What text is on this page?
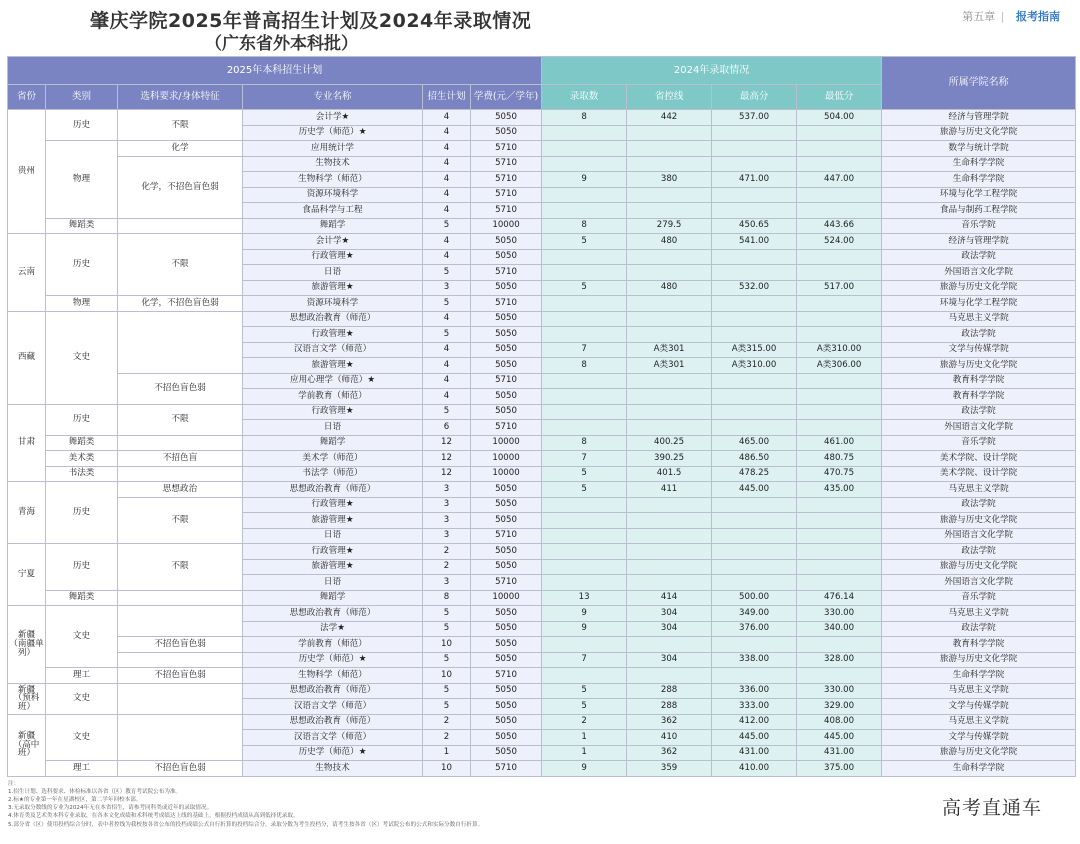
肇庆学院2025年普高招生计划及2024年录取情况
（广东省外本科批）
第五章 | 报考指南
2025年本科招生计划						2024年录取情况				所属学院名称
省份	类别	选科要求/身体特征	专业名称	招生计划	学费(元／学年)	录取数	省控线	最高分	最低分	
贵州	历史	不限	会计学★	4	5050	8	442	537.00	504.00	经济与管理学院
			历史学（师范）★	4	5050					旅游与历史文化学院
	物理	化学	应用统计学	4	5710					数学与统计学院
		化学，不招色盲色弱	生物技术	4	5710					生命科学学院
			生物科学（师范）	4	5710	9	380	471.00	447.00	生命科学学院
			资源环境科学	4	5710					环境与化学工程学院
			食品科学与工程	4	5710					食品与制药工程学院
	舞蹈类		舞蹈学	5	10000	8	279.5	450.65	443.66	音乐学院
云南	历史	不限	会计学★	4	5050	5	480	541.00	524.00	经济与管理学院
			行政管理★	4	5050					政法学院
			日语	5	5710					外国语言文化学院
			旅游管理★	3	5050	5	480	532.00	517.00	旅游与历史文化学院
	物理	化学，不招色盲色弱	资源环境科学	5	5710					环境与化学工程学院
西藏	文史		思想政治教育（师范）	4	5050					马克思主义学院
			行政管理★	5	5050					政法学院
			汉语言文学（师范）	4	5050	7	A类301	A类315.00	A类310.00	文学与传媒学院
			旅游管理★	4	5050	8	A类301	A类310.00	A类306.00	旅游与历史文化学院
		不招色盲色弱	应用心理学（师范）★	4	5710					教育科学学院
			学前教育（师范）	4	5050					教育科学学院
甘肃	历史	不限	行政管理★	5	5050					政法学院
			日语	6	5710					外国语言文化学院
	舞蹈类		舞蹈学	12	10000	8	400.25	465.00	461.00	音乐学院
	美术类	不招色盲	美术学（师范）	12	10000	7	390.25	486.50	480.75	美术学院、设计学院
	书法类		书法学（师范）	12	10000	5	401.5	478.25	470.75	美术学院、设计学院
青海	历史	思想政治	思想政治教育（师范）	3	5050	5	411	445.00	435.00	马克思主义学院
		不限	行政管理★	3	5050					政法学院
			旅游管理★	3	5050					旅游与历史文化学院
			日语	3	5710					外国语言文化学院
宁夏	历史	不限	行政管理★	2	5050					政法学院
			旅游管理★	2	5050					旅游与历史文化学院
			日语	3	5710					外国语言文化学院
	舞蹈类		舞蹈学	8	10000	13	414	500.00	476.14	音乐学院
新疆
（南疆单列）	文史		思想政治教育（师范）	5	5050	9	304	349.00	330.00	马克思主义学院
			法学★	5	5050	9	304	376.00	340.00	政法学院
		不招色盲色弱	学前教育（师范）	10	5050					教育科学学院
			历史学（师范）★	5	5050	7	304	338.00	328.00	旅游与历史文化学院
	理工	不招色盲色弱	生物科学（师范）	10	5710					生命科学学院
新疆
（预科班）	文史		思想政治教育（师范）	5	5050	5	288	336.00	330.00	马克思主义学院
			汉语言文学（师范）	5	5050	5	288	333.00	329.00	文学与传媒学院
新疆
（高中班）	文史		思想政治教育（师范）	2	5050	2	362	412.00	408.00	马克思主义学院
			汉语言文学（师范）	2	5050	1	410	445.00	445.00	文学与传媒学院
			历史学（师范）★	1	5050	1	362	431.00	431.00	旅游与历史文化学院
	理工	不招色盲色弱	生物技术	10	5710	9	359	410.00	375.00	生命科学学院
注：
1.招生计划、选科要求、体检标准以各省（区）教育考试院公布为准。
2.标★的专业第一年在星湖校区，第二学年回校本部。
3.无录取分数线的专业为2024年无在本省招生，请参考同科类或近年的录取情况。
4.体育类及艺术类本科专业录取，在各本文化成绩和术科统考成绩达上线的基础上，根据投档成绩从高到低择优录取。
5.部分省（区）使用投档综合分时，表中者控线为我校按各省公布的投档成绩公式自行折算的投档综合分，录取分数为考生投档分，请考生按各省（区）考试院公布的公式和实际分数自行折算。
高考直通车
